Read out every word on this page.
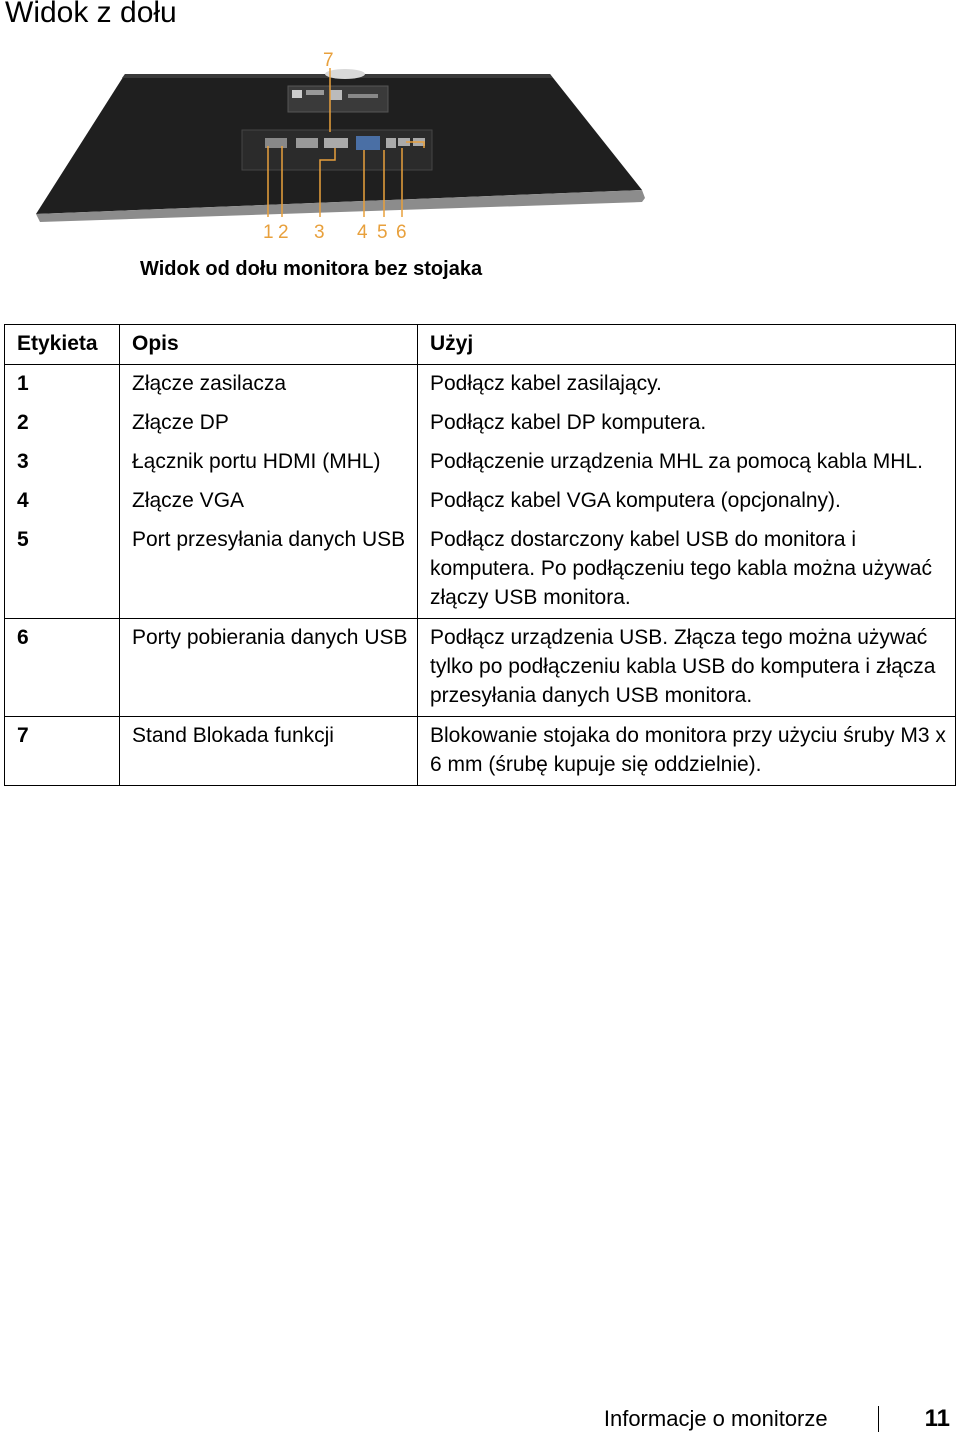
Widok z dołu
7
1 2 3 4 5 6
Widok od dołu monitora bez stojaka
Etykieta	Opis	Użyj
1	Złącze zasilacza	Podłącz kabel zasilający.
2	Złącze DP	Podłącz kabel DP komputera.
3	Łącznik portu HDMI (MHL)	Podłączenie urządzenia MHL za pomocą kabla MHL.
4	Złącze VGA	Podłącz kabel VGA komputera (opcjonalny).
5	Port przesyłania danych USB	Podłącz dostarczony kabel USB do monitora i komputera. Po podłączeniu tego kabla można używać złączy USB monitora.
6	Porty pobierania danych USB	Podłącz urządzenia USB. Złącza tego można używać tylko po podłączeniu kabla USB do komputera i złącza przesyłania danych USB monitora.
7	Stand Blokada funkcji	Blokowanie stojaka do monitora przy użyciu śruby M3 x 6 mm (śrubę kupuje się oddzielnie).
Informacje o monitorze	11
